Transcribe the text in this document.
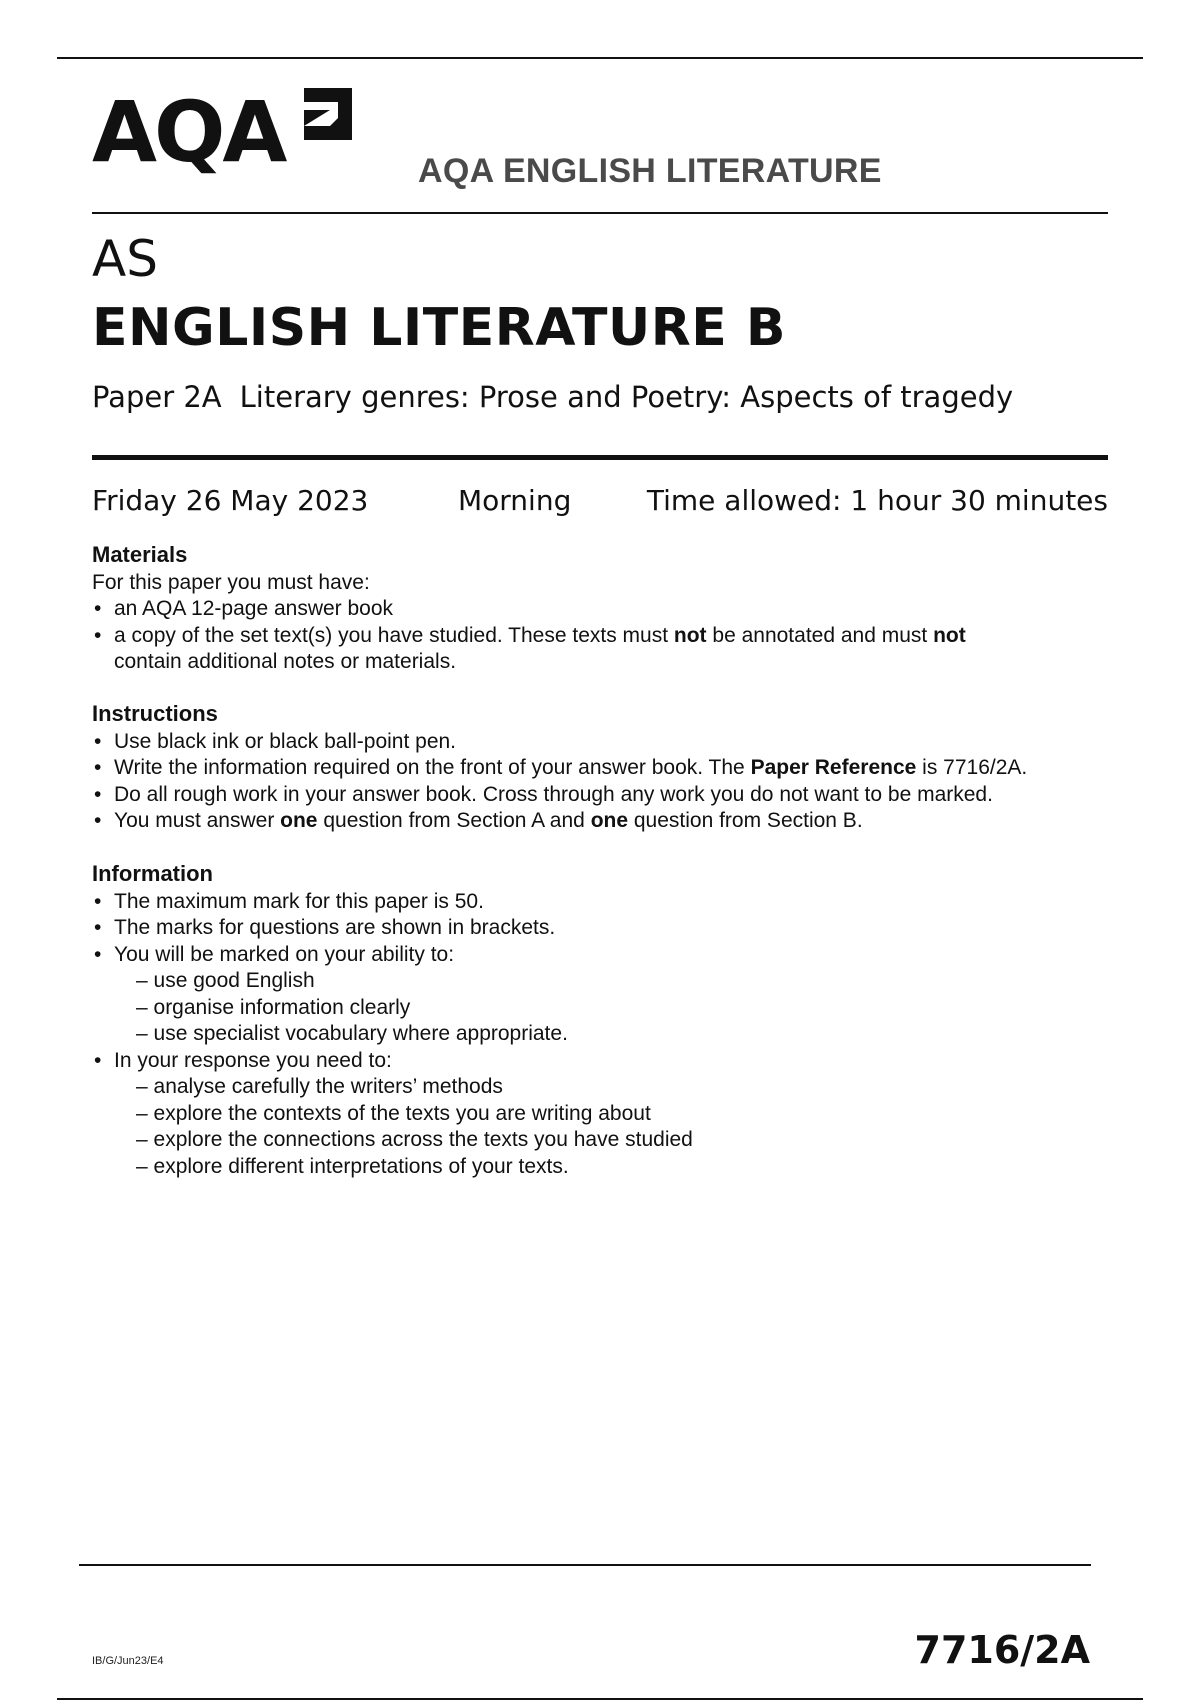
AQA	AQA ENGLISH LITERATURE
AS
ENGLISH LITERATURE B
Paper 2A Literary genres: Prose and Poetry: Aspects of tragedy
Friday 26 May 2023	Morning	Time allowed: 1 hour 30 minutes
Materials

For this paper you must have:

• an AQA 12-page answer book
• a copy of the set text(s) you have studied. These texts must not be annotated and must not
contain additional notes or materials.
Instructions
• Use black ink or black ball-point pen.
• Write the information required on the front of your answer book. The Paper Reference is 7716/2A.
• Do all rough work in your answer book. Cross through any work you do not want to be marked.
• You must answer one question from Section A and one question from Section B.
Information
• The maximum mark for this paper is 50.
• The marks for questions are shown in brackets.
• You will be marked on your ability to:
– use good English
– organise information clearly
– use specialist vocabulary where appropriate.
• In your response you need to:
– analyse carefully the writers’ methods
– explore the contexts of the texts you are writing about
– explore the connections across the texts you have studied
– explore different interpretations of your texts.
IB/G/Jun23/E4	7716/2A
